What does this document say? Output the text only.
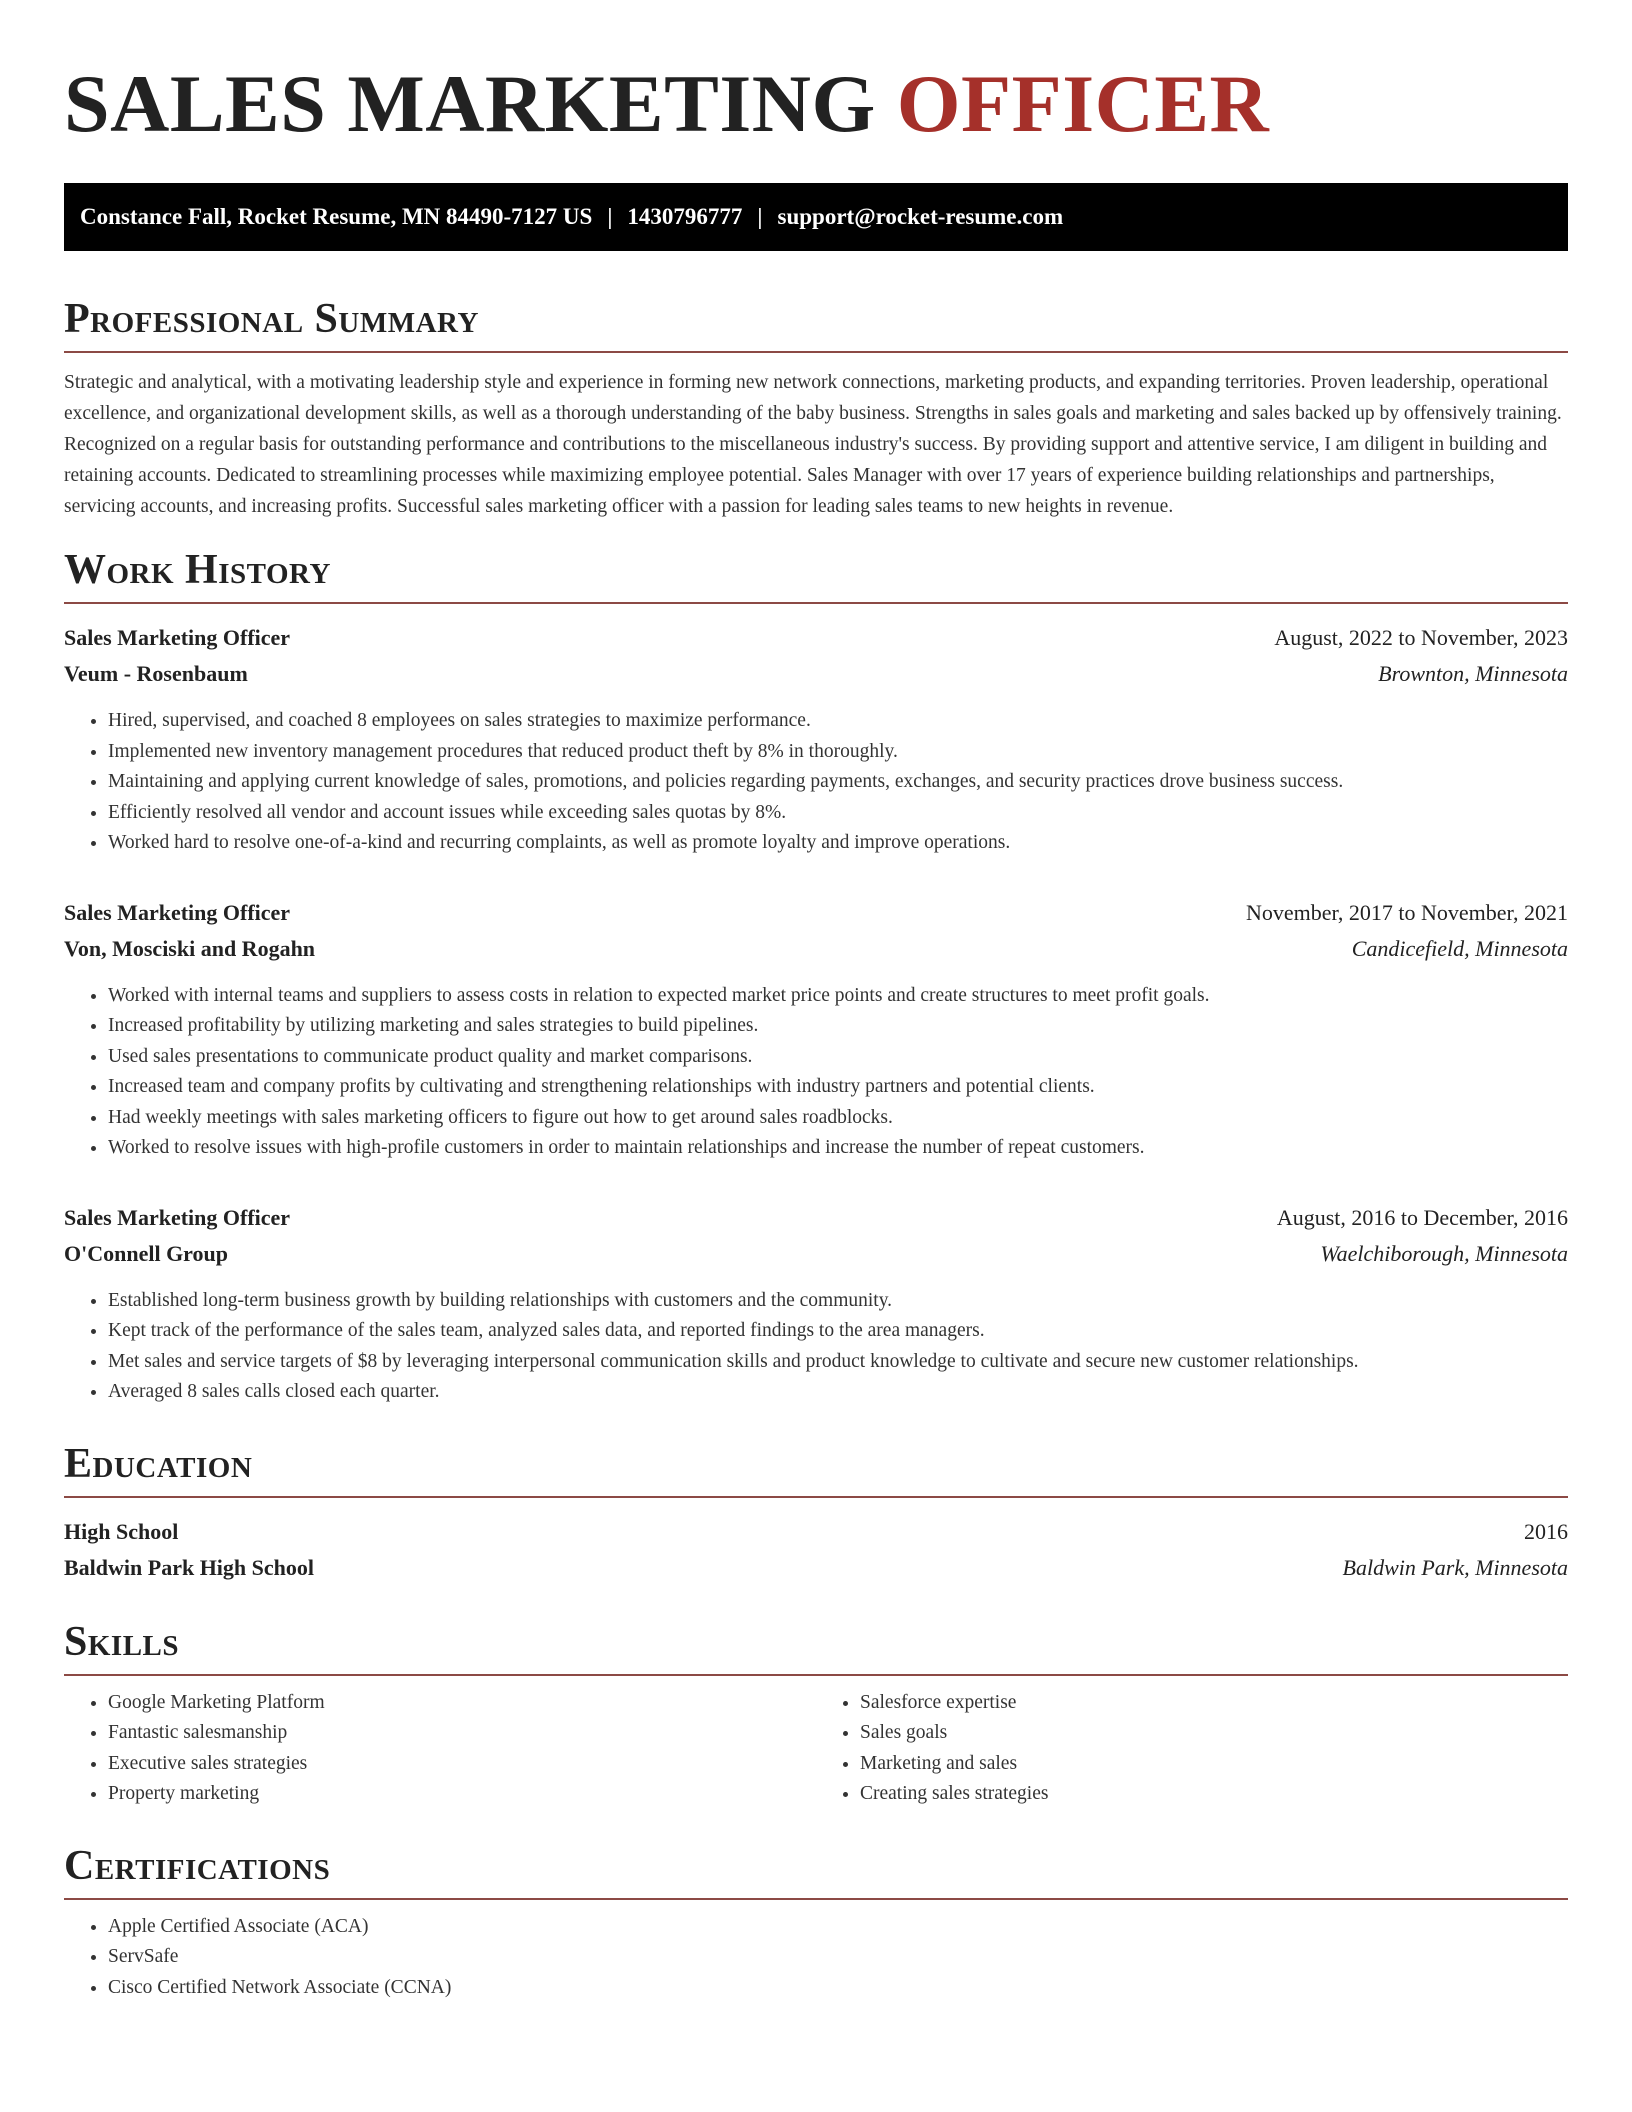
SALES MARKETING OFFICER
Constance Fall, Rocket Resume, MN 84490-7127 US | 1430796777 | support@rocket-resume.com
Professional Summary

Strategic and analytical, with a motivating leadership style and experience in forming new network connections, marketing products, and expanding territories. Proven leadership, operational excellence, and organizational development skills, as well as a thorough understanding of the baby business. Strengths in sales goals and marketing and sales backed up by offensively training. Recognized on a regular basis for outstanding performance and contributions to the miscellaneous industry's success. By providing support and attentive service, I am diligent in building and retaining accounts. Dedicated to streamlining processes while maximizing employee potential. Sales Manager with over 17 years of experience building relationships and partnerships, servicing accounts, and increasing profits. Successful sales marketing officer with a passion for leading sales teams to new heights in revenue.

Work History
Sales Marketing Officer	August, 2022 to November, 2023
Veum - Rosenbaum	Brownton, Minnesota
• Hired, supervised, and coached 8 employees on sales strategies to maximize performance.
• Implemented new inventory management procedures that reduced product theft by 8% in thoroughly.
• Maintaining and applying current knowledge of sales, promotions, and policies regarding payments, exchanges, and security practices drove business success.
• Efficiently resolved all vendor and account issues while exceeding sales quotas by 8%.
• Worked hard to resolve one-of-a-kind and recurring complaints, as well as promote loyalty and improve operations.
Sales Marketing Officer	November, 2017 to November, 2021
Von, Mosciski and Rogahn	Candicefield, Minnesota
• Worked with internal teams and suppliers to assess costs in relation to expected market price points and create structures to meet profit goals.
• Increased profitability by utilizing marketing and sales strategies to build pipelines.
• Used sales presentations to communicate product quality and market comparisons.
• Increased team and company profits by cultivating and strengthening relationships with industry partners and potential clients.
• Had weekly meetings with sales marketing officers to figure out how to get around sales roadblocks.
• Worked to resolve issues with high-profile customers in order to maintain relationships and increase the number of repeat customers.
Sales Marketing Officer	August, 2016 to December, 2016
O'Connell Group	Waelchiborough, Minnesota
• Established long-term business growth by building relationships with customers and the community.
• Kept track of the performance of the sales team, analyzed sales data, and reported findings to the area managers.
• Met sales and service targets of $8 by leveraging interpersonal communication skills and product knowledge to cultivate and secure new customer relationships.
• Averaged 8 sales calls closed each quarter.
Education
High School	2016
Baldwin Park High School	Baldwin Park, Minnesota
Skills
• Google Marketing Platform
• Fantastic salesmanship
• Executive sales strategies
• Property marketing
• Salesforce expertise
• Sales goals
• Marketing and sales
• Creating sales strategies
Certifications
• Apple Certified Associate (ACA)
• ServSafe
• Cisco Certified Network Associate (CCNA)
